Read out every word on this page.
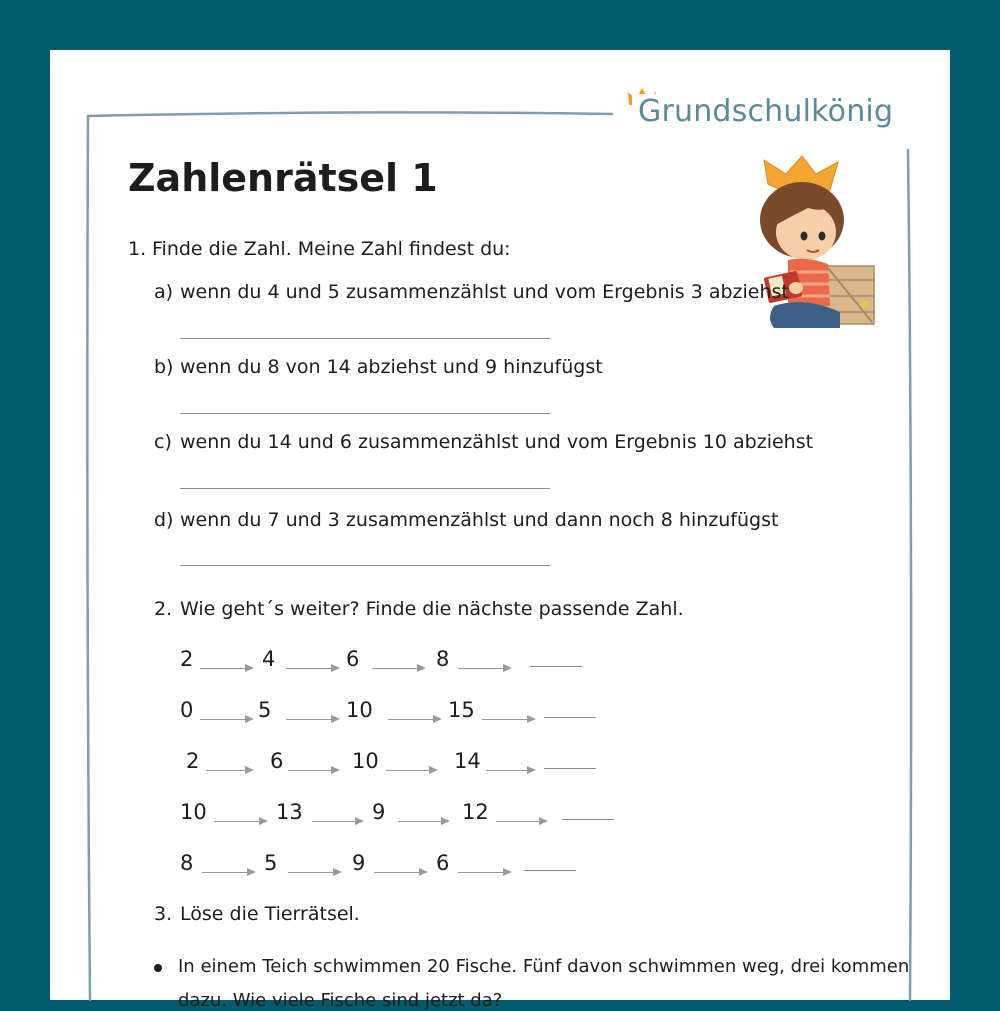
Grundschulkönig
Zahlenrätsel 1
1. Finde die Zahl. Meine Zahl findest du:
a) wenn du 4 und 5 zusammenzählst und vom Ergebnis 3 abziehst
b) wenn du 8 von 14 abziehst und 9 hinzufügst
c) wenn du 14 und 6 zusammenzählst und vom Ergebnis 10 abziehst
d) wenn du 7 und 3 zusammenzählst und dann noch 8 hinzufügst
2. Wie geht´s weiter? Finde die nächste passende Zahl.
2	4	6	8
0	5	10	15
2	6	10	14
10	13	9	12
8	5	9	6
3. Löse die Tierrätsel.
In einem Teich schwimmen 20 Fische. Fünf davon schwimmen weg, drei kommen
dazu. Wie viele Fische sind jetzt da?
